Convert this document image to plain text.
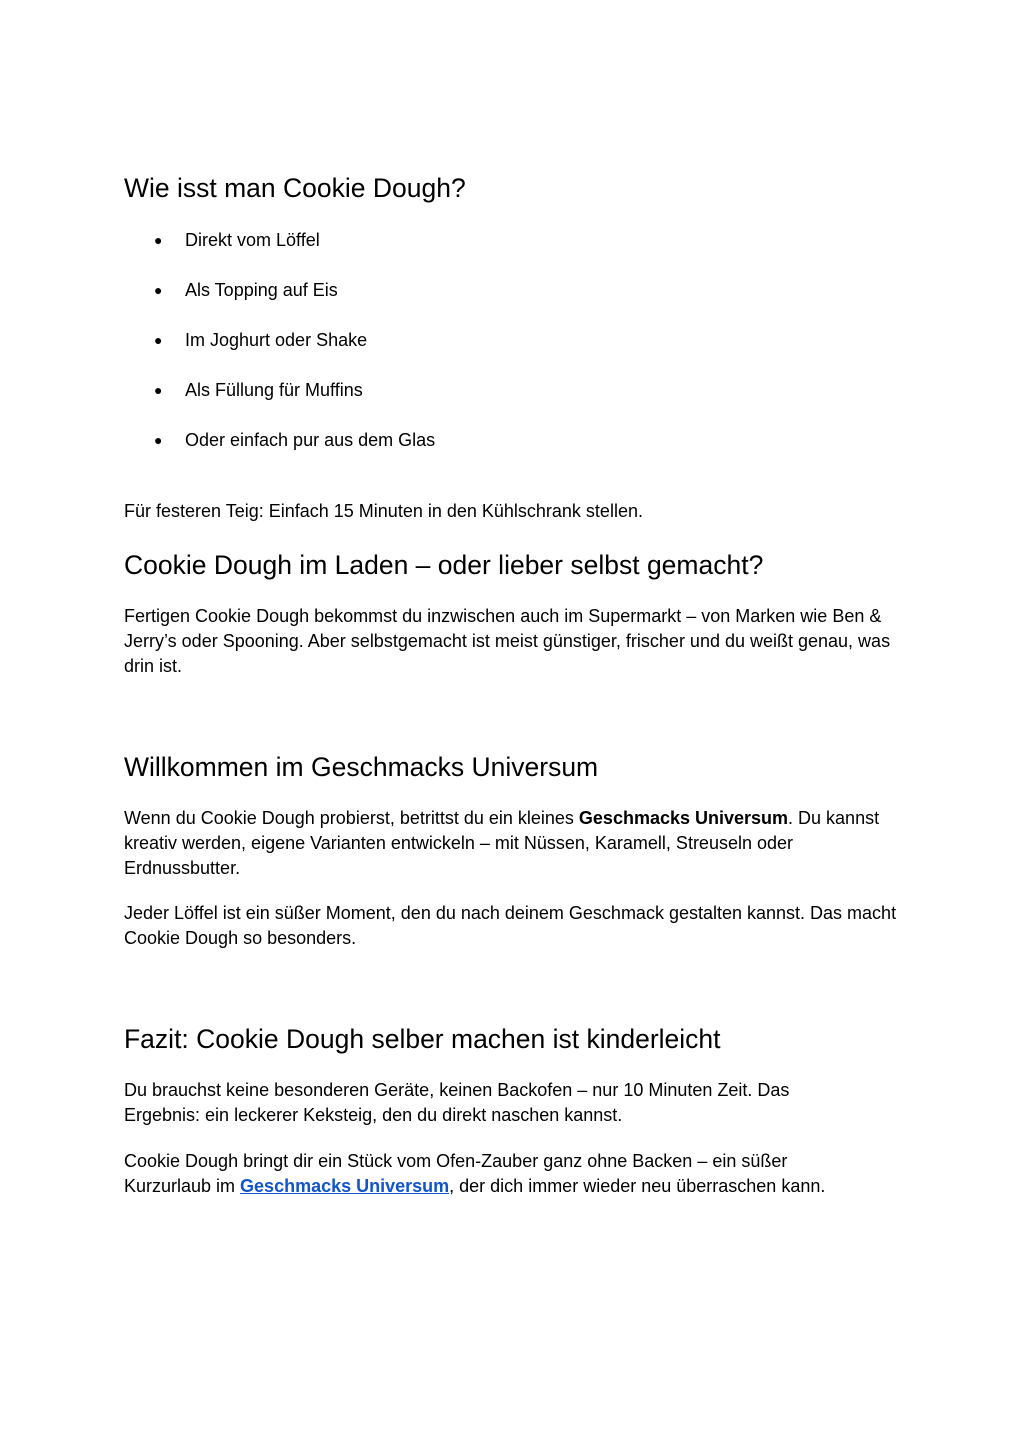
Wie isst man Cookie Dough?
● Direkt vom Löffel
● Als Topping auf Eis
● Im Joghurt oder Shake
● Als Füllung für Muffins
● Oder einfach pur aus dem Glas

Für festeren Teig: Einfach 15 Minuten in den Kühlschrank stellen.

Cookie Dough im Laden – oder lieber selbst gemacht?

Fertigen Cookie Dough bekommst du inzwischen auch im Supermarkt – von Marken wie Ben & Jerry’s oder Spooning. Aber selbstgemacht ist meist günstiger, frischer und du weißt genau, was drin ist.

Willkommen im Geschmacks Universum

Wenn du Cookie Dough probierst, betrittst du ein kleines Geschmacks Universum. Du kannst kreativ werden, eigene Varianten entwickeln – mit Nüssen, Karamell, Streuseln oder Erdnussbutter.

Jeder Löffel ist ein süßer Moment, den du nach deinem Geschmack gestalten kannst. Das macht Cookie Dough so besonders.

Fazit: Cookie Dough selber machen ist kinderleicht

Du brauchst keine besonderen Geräte, keinen Backofen – nur 10 Minuten Zeit. Das Ergebnis: ein leckerer Keksteig, den du direkt naschen kannst.

Cookie Dough bringt dir ein Stück vom Ofen-Zauber ganz ohne Backen – ein süßer Kurzurlaub im Geschmacks Universum, der dich immer wieder neu überraschen kann.
